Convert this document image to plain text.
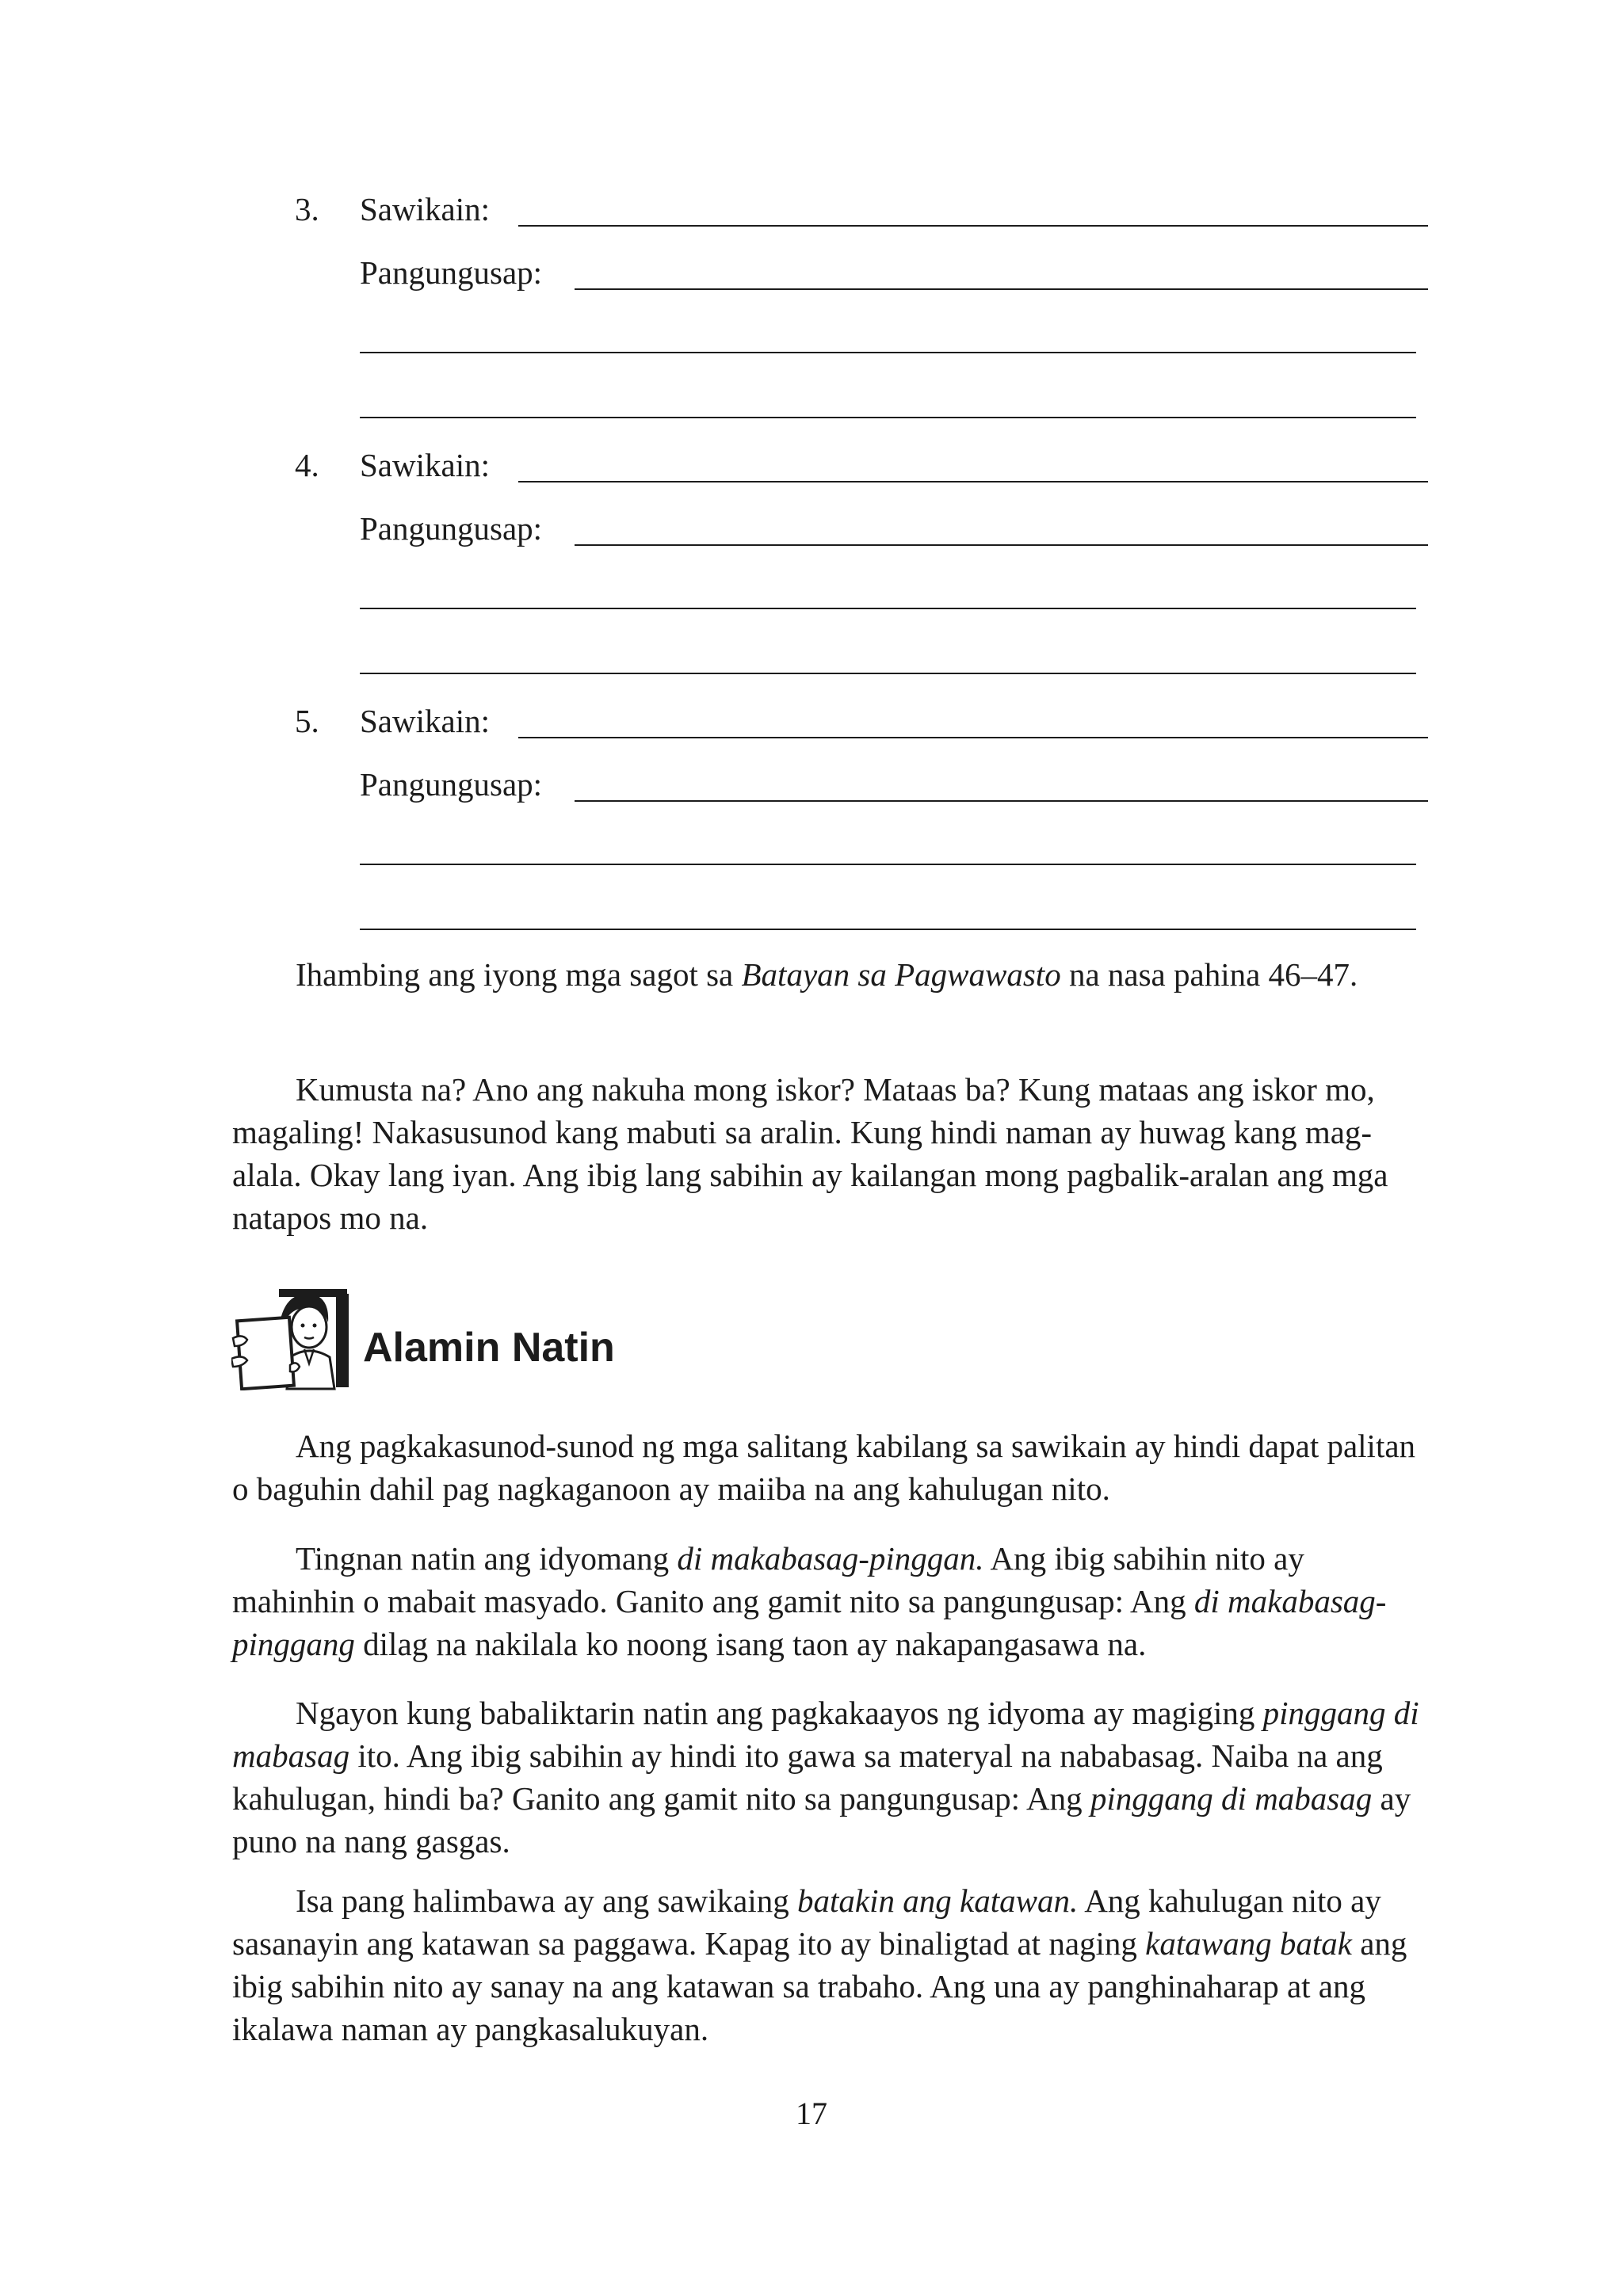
3. Sawikain:
Pangungusap:
4. Sawikain:
Pangungusap:
5. Sawikain:
Pangungusap:

Ihambing ang iyong mga sagot sa Batayan sa Pagwawasto na nasa pahina 46–47.

Kumusta na? Ano ang nakuha mong iskor? Mataas ba? Kung mataas ang iskor mo, magaling! Nakasusunod kang mabuti sa aralin. Kung hindi naman ay huwag kang mag-alala. Okay lang iyan. Ang ibig lang sabihin ay kailangan mong pagbalik-aralan ang mga natapos mo na.

Alamin Natin

Ang pagkakasunod-sunod ng mga salitang kabilang sa sawikain ay hindi dapat palitan o baguhin dahil pag nagkaganoon ay maiiba na ang kahulugan nito.

Tingnan natin ang idyomang di makabasag-pinggan. Ang ibig sabihin nito ay mahinhin o mabait masyado. Ganito ang gamit nito sa pangungusap: Ang di makabasag-pinggang dilag na nakilala ko noong isang taon ay nakapangasawa na.

Ngayon kung babaliktarin natin ang pagkakaayos ng idyoma ay magiging pinggang di mabasag ito. Ang ibig sabihin ay hindi ito gawa sa materyal na nababasag. Naiba na ang kahulugan, hindi ba? Ganito ang gamit nito sa pangungusap: Ang pinggang di mabasag ay puno na nang gasgas.

Isa pang halimbawa ay ang sawikaing batakin ang katawan. Ang kahulugan nito ay sasanayin ang katawan sa paggawa. Kapag ito ay binaligtad at naging katawang batak ang ibig sabihin nito ay sanay na ang katawan sa trabaho. Ang una ay panghinaharap at ang ikalawa naman ay pangkasalukuyan.

17
